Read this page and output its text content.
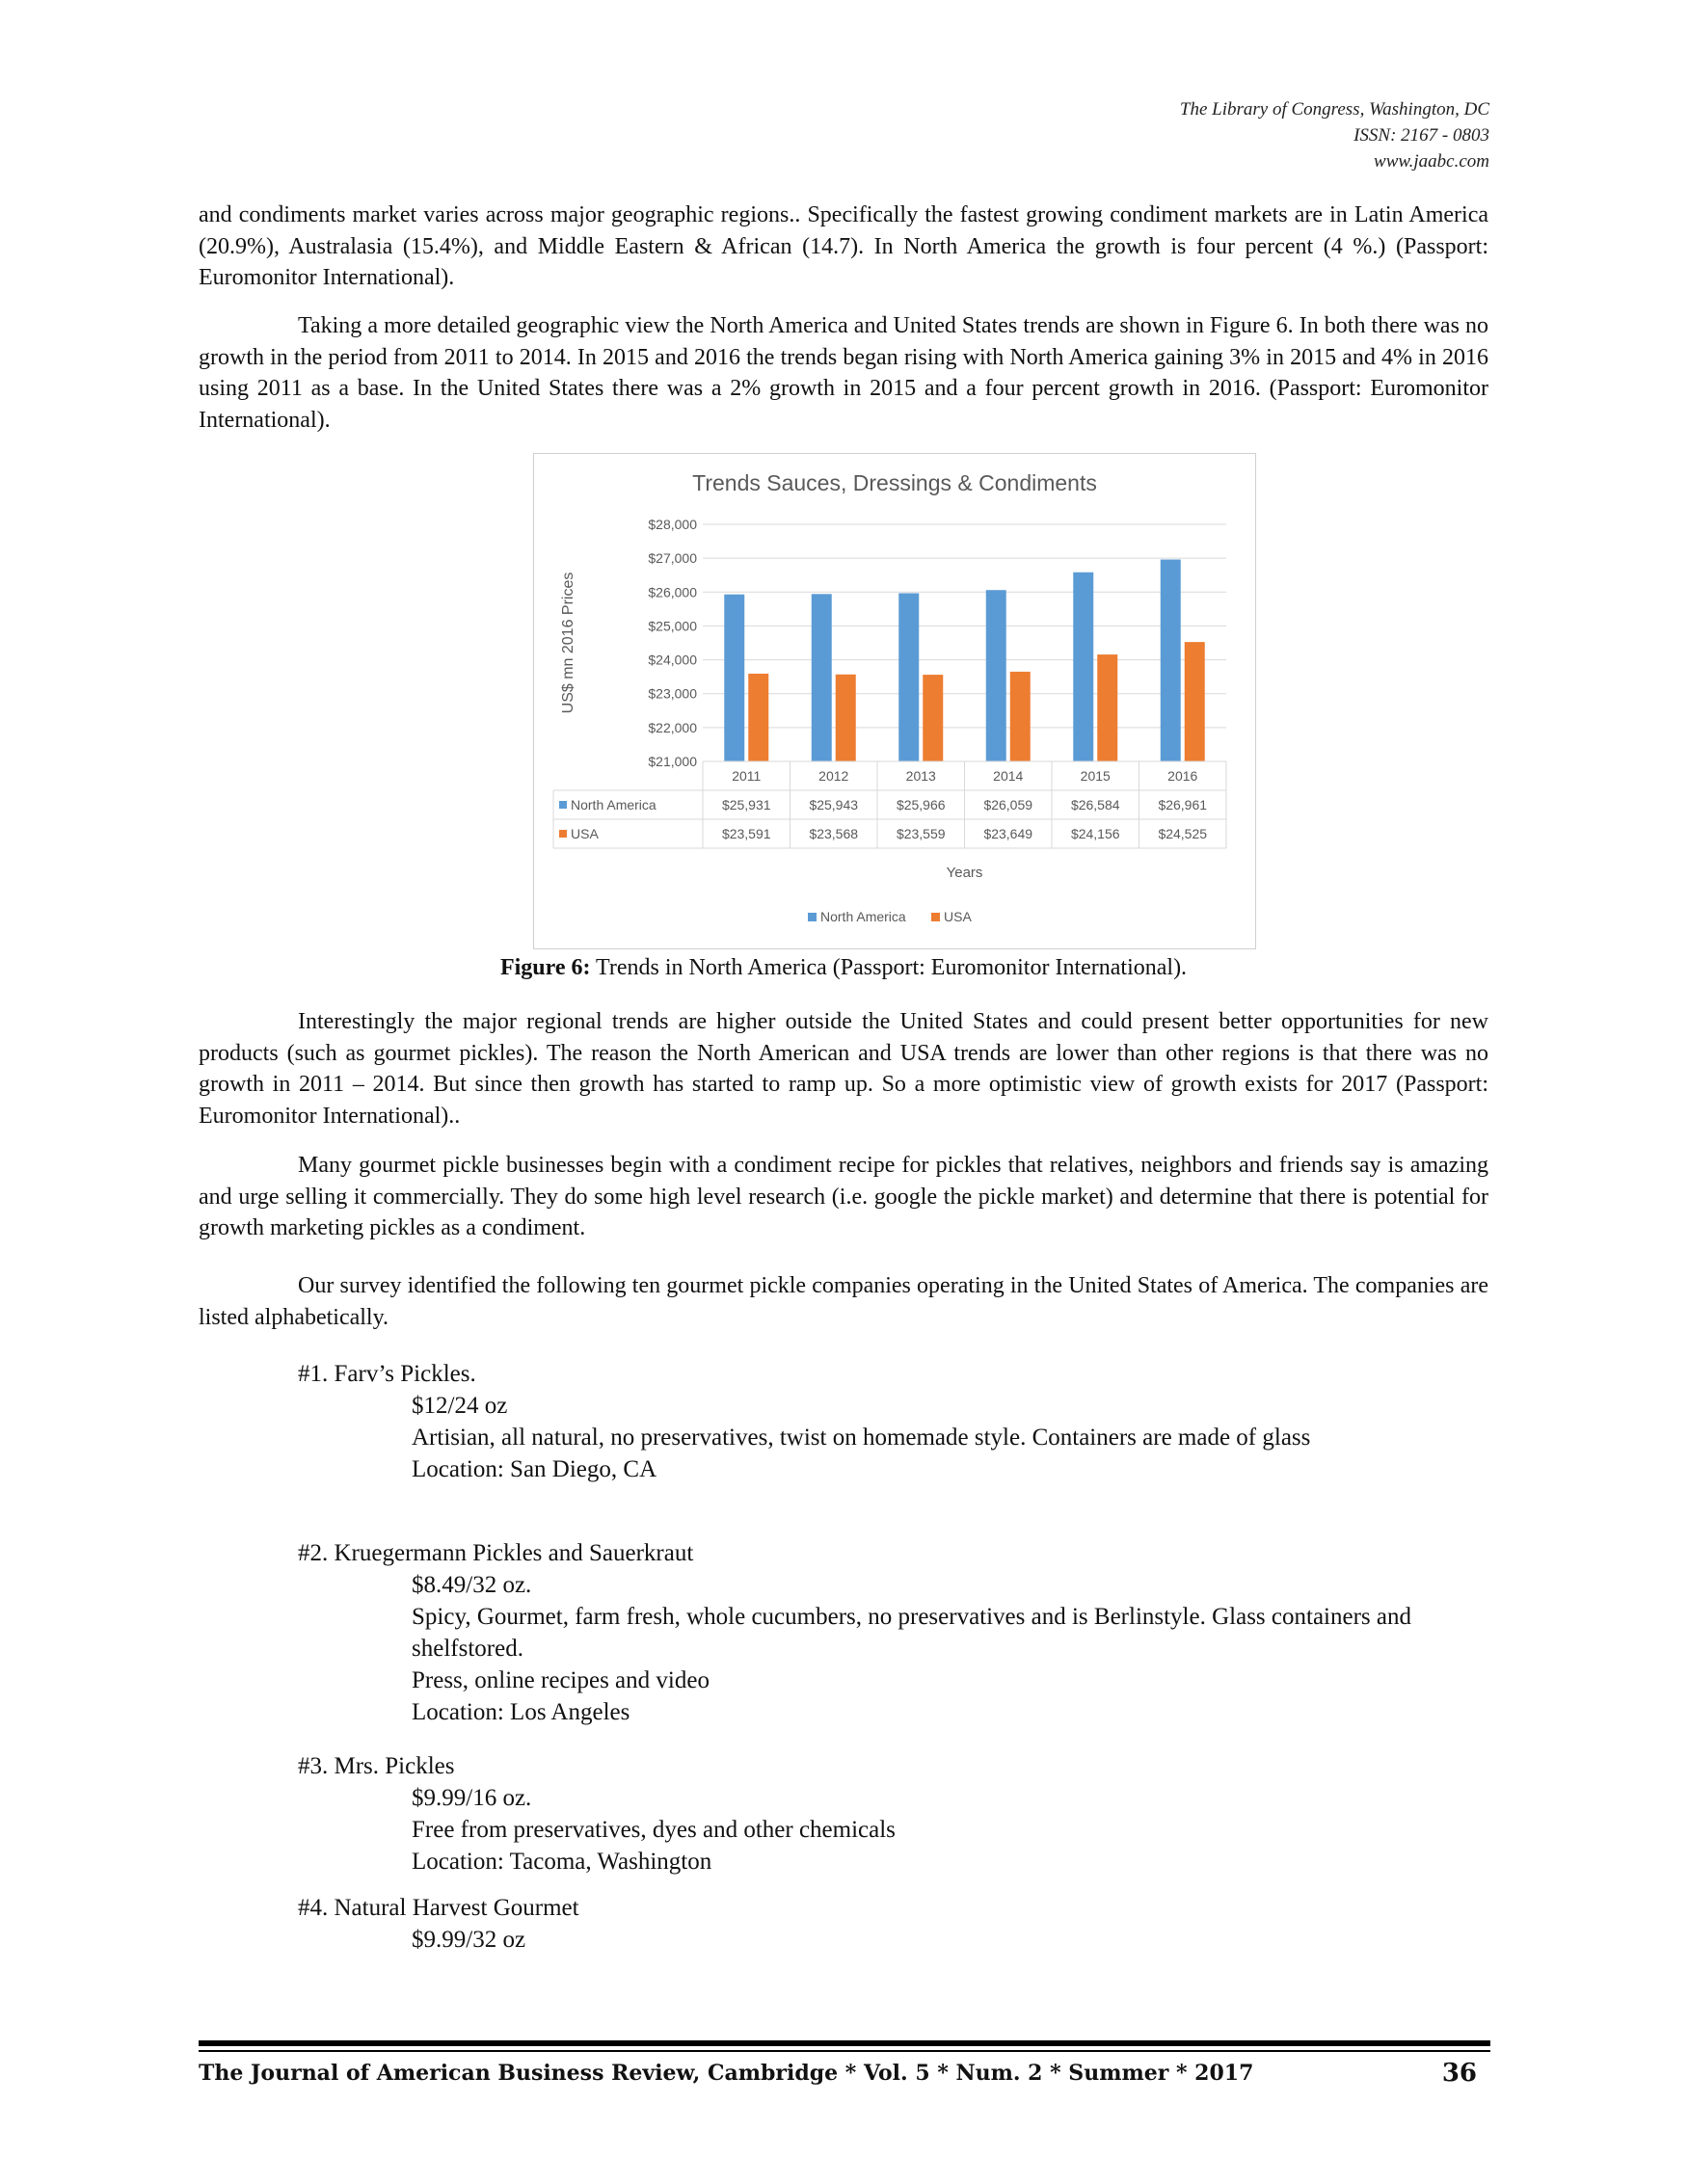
The Library of Congress, Washington, DC
ISSN: 2167 - 0803
www.jaabc.com

and condiments market varies across major geographic regions.. Specifically the fastest growing condiment markets are in Latin America (20.9%), Australasia (15.4%), and Middle Eastern & African (14.7). In North America the growth is four percent (4 %.) (Passport: Euromonitor International).

Taking a more detailed geographic view the North America and United States trends are shown in Figure 6. In both there was no growth in the period from 2011 to 2014. In 2015 and 2016 the trends began rising with North America gaining 3% in 2015 and 4% in 2016 using 2011 as a base. In the United States there was a 2% growth in 2015 and a four percent growth in 2016. (Passport: Euromonitor International).

Trends Sauces, Dressings & Condiments
$21,000
$22,000
$23,000
$24,000
$25,000
$26,000
$27,000
$28,000
US$ mn 2016 Prices
2011	2012	2013	2014	2015	2016
North America	$25,931	$25,943	$25,966	$26,059	$26,584	$26,961
USA	$23,591	$23,568	$23,559	$23,649	$24,156	$24,525
Years
North America	USA
Figure 6: Trends in North America (Passport: Euromonitor International).

Interestingly the major regional trends are higher outside the United States and could present better opportunities for new products (such as gourmet pickles). The reason the North American and USA trends are lower than other regions is that there was no growth in 2011 – 2014. But since then growth has started to ramp up. So a more optimistic view of growth exists for 2017 (Passport: Euromonitor International)..

Many gourmet pickle businesses begin with a condiment recipe for pickles that relatives, neighbors and friends say is amazing and urge selling it commercially. They do some high level research (i.e. google the pickle market) and determine that there is potential for growth marketing pickles as a condiment.

Our survey identified the following ten gourmet pickle companies operating in the United States of America. The companies are listed alphabetically.

#1. Farv’s Pickles.
$12/24 oz
Artisian, all natural, no preservatives, twist on homemade style. Containers are made of glass
Location: San Diego, CA
#2. Kruegermann Pickles and Sauerkraut
$8.49/32 oz.
Spicy, Gourmet, farm fresh, whole cucumbers, no preservatives and is Berlinstyle. Glass containers and shelfstored.
Press, online recipes and video
Location: Los Angeles
#3. Mrs. Pickles
$9.99/16 oz.
Free from preservatives, dyes and other chemicals
Location: Tacoma, Washington
#4. Natural Harvest Gourmet
$9.99/32 oz
The Journal of American Business Review, Cambridge * Vol. 5 * Num. 2 * Summer * 2017	36
